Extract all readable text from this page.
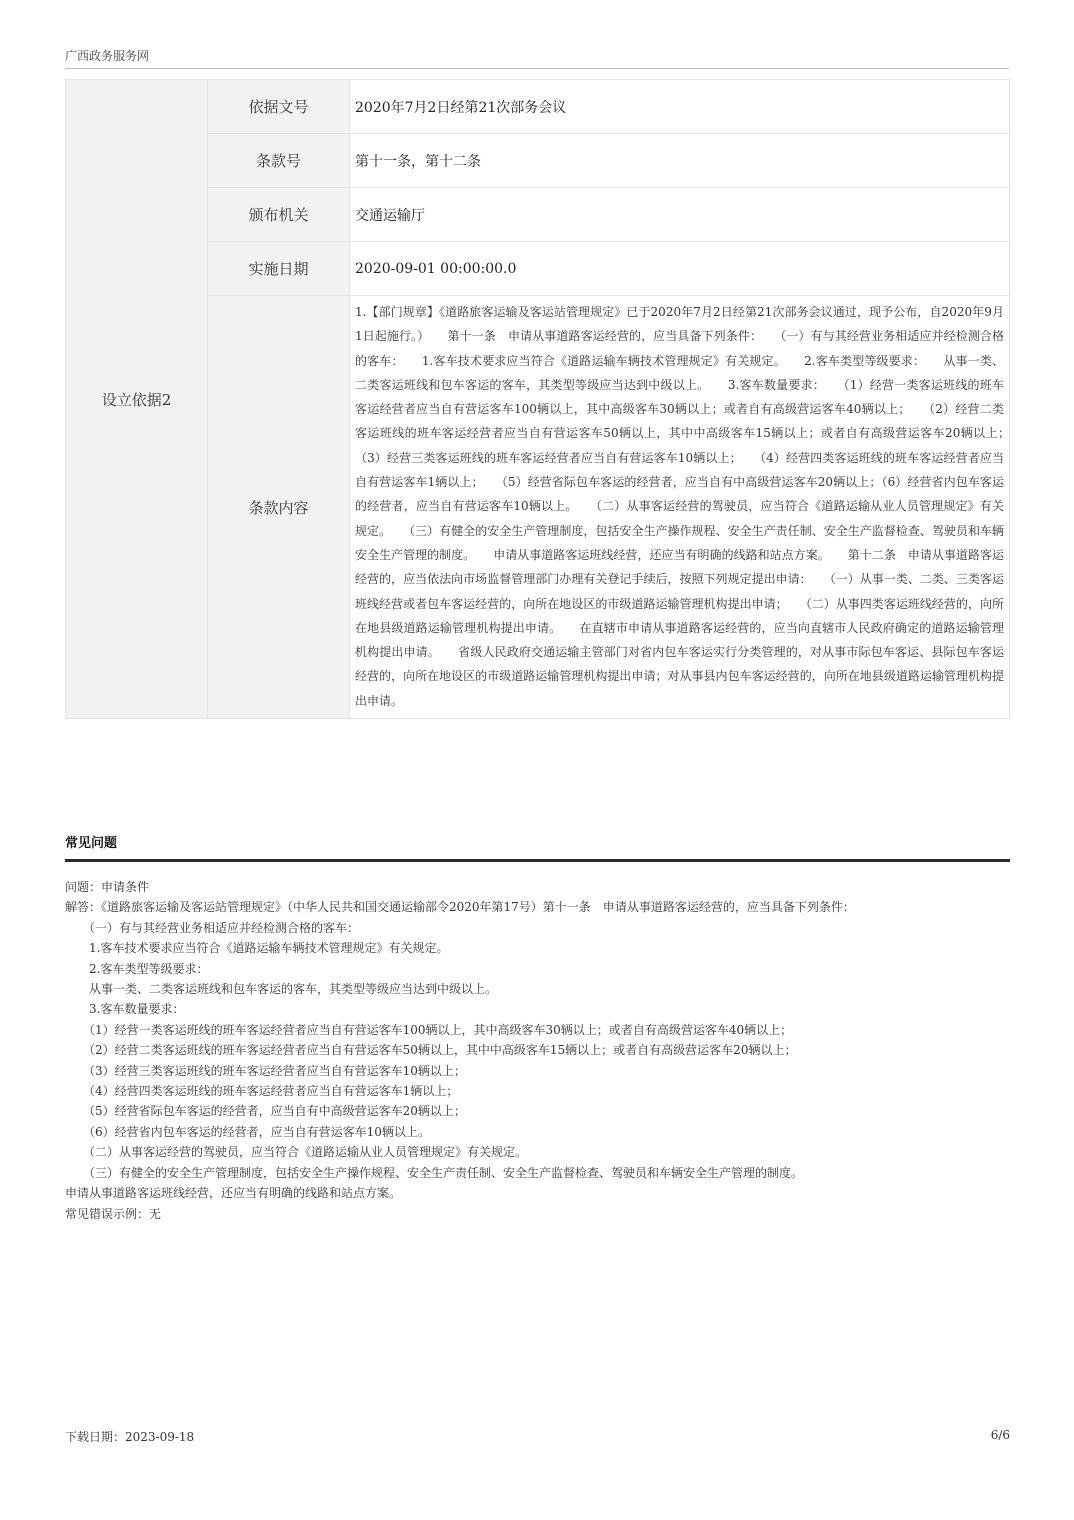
广西政务服务网
设立依据2	依据文号	2020年7月2日经第21次部务会议
	条款号	第十一条，第十二条
	颁布机关	交通运输厅
	实施日期	2020-09-01 00:00:00.0
	条款内容	1.【部门规章】《道路旅客运输及客运站管理规定》已于2020年7月2日经第21次部务会议通过，现予公布，自2020年9月1日起施行。）　　第十一条　申请从事道路客运经营的，应当具备下列条件：　　（一）有与其经营业务相适应并经检测合格的客车：　　1.客车技术要求应当符合《道路运输车辆技术管理规定》有关规定。　　2.客车类型等级要求：　　从事一类、二类客运班线和包车客运的客车，其类型等级应当达到中级以上。　　3.客车数量要求：　　（1）经营一类客运班线的班车客运经营者应当自有营运客车100辆以上，其中高级客车30辆以上；或者自有高级营运客车40辆以上；　　（2）经营二类客运班线的班车客运经营者应当自有营运客车50辆以上，其中中高级客车15辆以上；或者自有高级营运客车20辆以上；　　（3）经营三类客运班线的班车客运经营者应当自有营运客车10辆以上；　　（4）经营四类客运班线的班车客运经营者应当自有营运客车1辆以上；　　（5）经营省际包车客运的经营者，应当自有中高级营运客车20辆以上；（6）经营省内包车客运的经营者，应当自有营运客车10辆以上。　　（二）从事客运经营的驾驶员，应当符合《道路运输从业人员管理规定》有关规定。　　（三）有健全的安全生产管理制度，包括安全生产操作规程、安全生产责任制、安全生产监督检查、驾驶员和车辆安全生产管理的制度。　　申请从事道路客运班线经营，还应当有明确的线路和站点方案。　　第十二条　申请从事道路客运经营的，应当依法向市场监督管理部门办理有关登记手续后，按照下列规定提出申请：　　（一）从事一类、二类、三类客运班线经营或者包车客运经营的，向所在地设区的市级道路运输管理机构提出申请；　　（二）从事四类客运班线经营的，向所在地县级道路运输管理机构提出申请。　　在直辖市申请从事道路客运经营的，应当向直辖市人民政府确定的道路运输管理机构提出申请。　　省级人民政府交通运输主管部门对省内包车客运实行分类管理的，对从事市际包车客运、县际包车客运经营的，向所在地设区的市级道路运输管理机构提出申请；对从事县内包车客运经营的，向所在地县级道路运输管理机构提出申请。
常见问题
问题：申请条件
解答：《道路旅客运输及客运站管理规定》（中华人民共和国交通运输部令2020年第17号）第十一条　申请从事道路客运经营的，应当具备下列条件：
　　（一）有与其经营业务相适应并经检测合格的客车：
　　1.客车技术要求应当符合《道路运输车辆技术管理规定》有关规定。
　　2.客车类型等级要求：
　　从事一类、二类客运班线和包车客运的客车，其类型等级应当达到中级以上。
　　3.客车数量要求：
　　（1）经营一类客运班线的班车客运经营者应当自有营运客车100辆以上，其中高级客车30辆以上；或者自有高级营运客车40辆以上；
　　（2）经营二类客运班线的班车客运经营者应当自有营运客车50辆以上，其中中高级客车15辆以上；或者自有高级营运客车20辆以上；
　　（3）经营三类客运班线的班车客运经营者应当自有营运客车10辆以上；
　　（4）经营四类客运班线的班车客运经营者应当自有营运客车1辆以上；
　　（5）经营省际包车客运的经营者，应当自有中高级营运客车20辆以上；
　　（6）经营省内包车客运的经营者，应当自有营运客车10辆以上。
　　（二）从事客运经营的驾驶员，应当符合《道路运输从业人员管理规定》有关规定。
　　（三）有健全的安全生产管理制度，包括安全生产操作规程、安全生产责任制、安全生产监督检查、驾驶员和车辆安全生产管理的制度。
申请从事道路客运班线经营，还应当有明确的线路和站点方案。
常见错误示例：无
下载日期：2023-09-18	6/6
